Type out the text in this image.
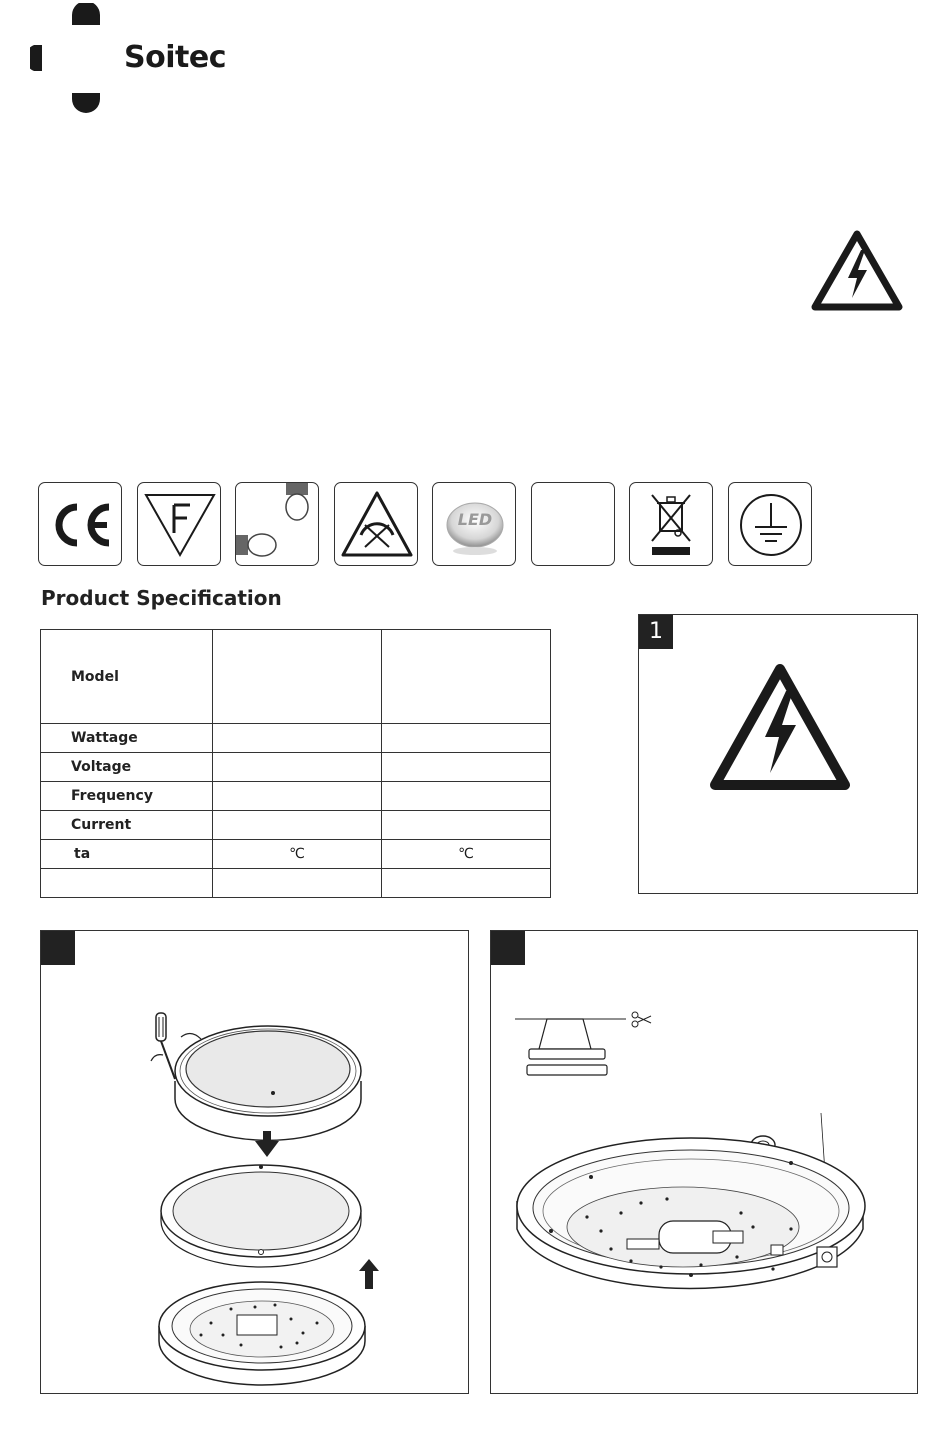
Soitec
LED
Product Specification
Model		
Wattage		
Voltage		
Frequency		
Current		
ta	℃	℃

1
